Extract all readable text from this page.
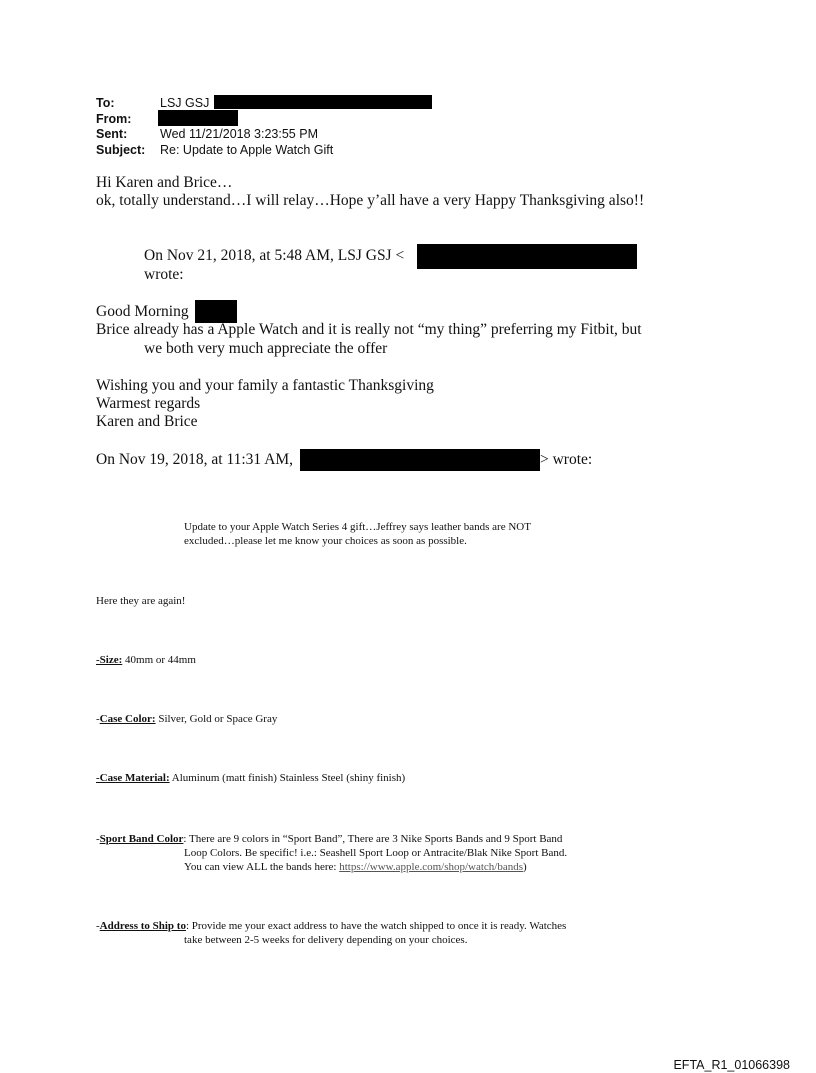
To:	LSJ GSJ
From:
Sent:	Wed 11/21/2018 3:23:55 PM
Subject: Re: Update to Apple Watch Gift
Hi Karen and Brice…
ok, totally understand…I will relay…Hope y’all have a very Happy Thanksgiving also!!
On Nov 21, 2018, at 5:48 AM, LSJ GSJ <
wrote:
Good Morning
Brice already has a Apple Watch and it is really not “my thing” preferring my Fitbit, but
we both very much appreciate the offer
Wishing you and your family a fantastic Thanksgiving
Warmest regards
Karen and Brice
On Nov 19, 2018, at 11:31 AM,	> wrote:
Update to your Apple Watch Series 4 gift…Jeffrey says leather bands are NOT
excluded…please let me know your choices as soon as possible.
Here they are again!
-Size: 40mm or 44mm
-Case Color: Silver, Gold or Space Gray
-Case Material: Aluminum (matt finish) Stainless Steel (shiny finish)
-Sport Band Color: There are 9 colors in “Sport Band”, There are 3 Nike Sports Bands and 9 Sport Band
Loop Colors. Be specific! i.e.: Seashell Sport Loop or Antracite/Blak Nike Sport Band.
You can view ALL the bands here: https://www.apple.com/shop/watch/bands)
-Address to Ship to: Provide me your exact address to have the watch shipped to once it is ready. Watches
take between 2-5 weeks for delivery depending on your choices.
EFTA_R1_01066398
